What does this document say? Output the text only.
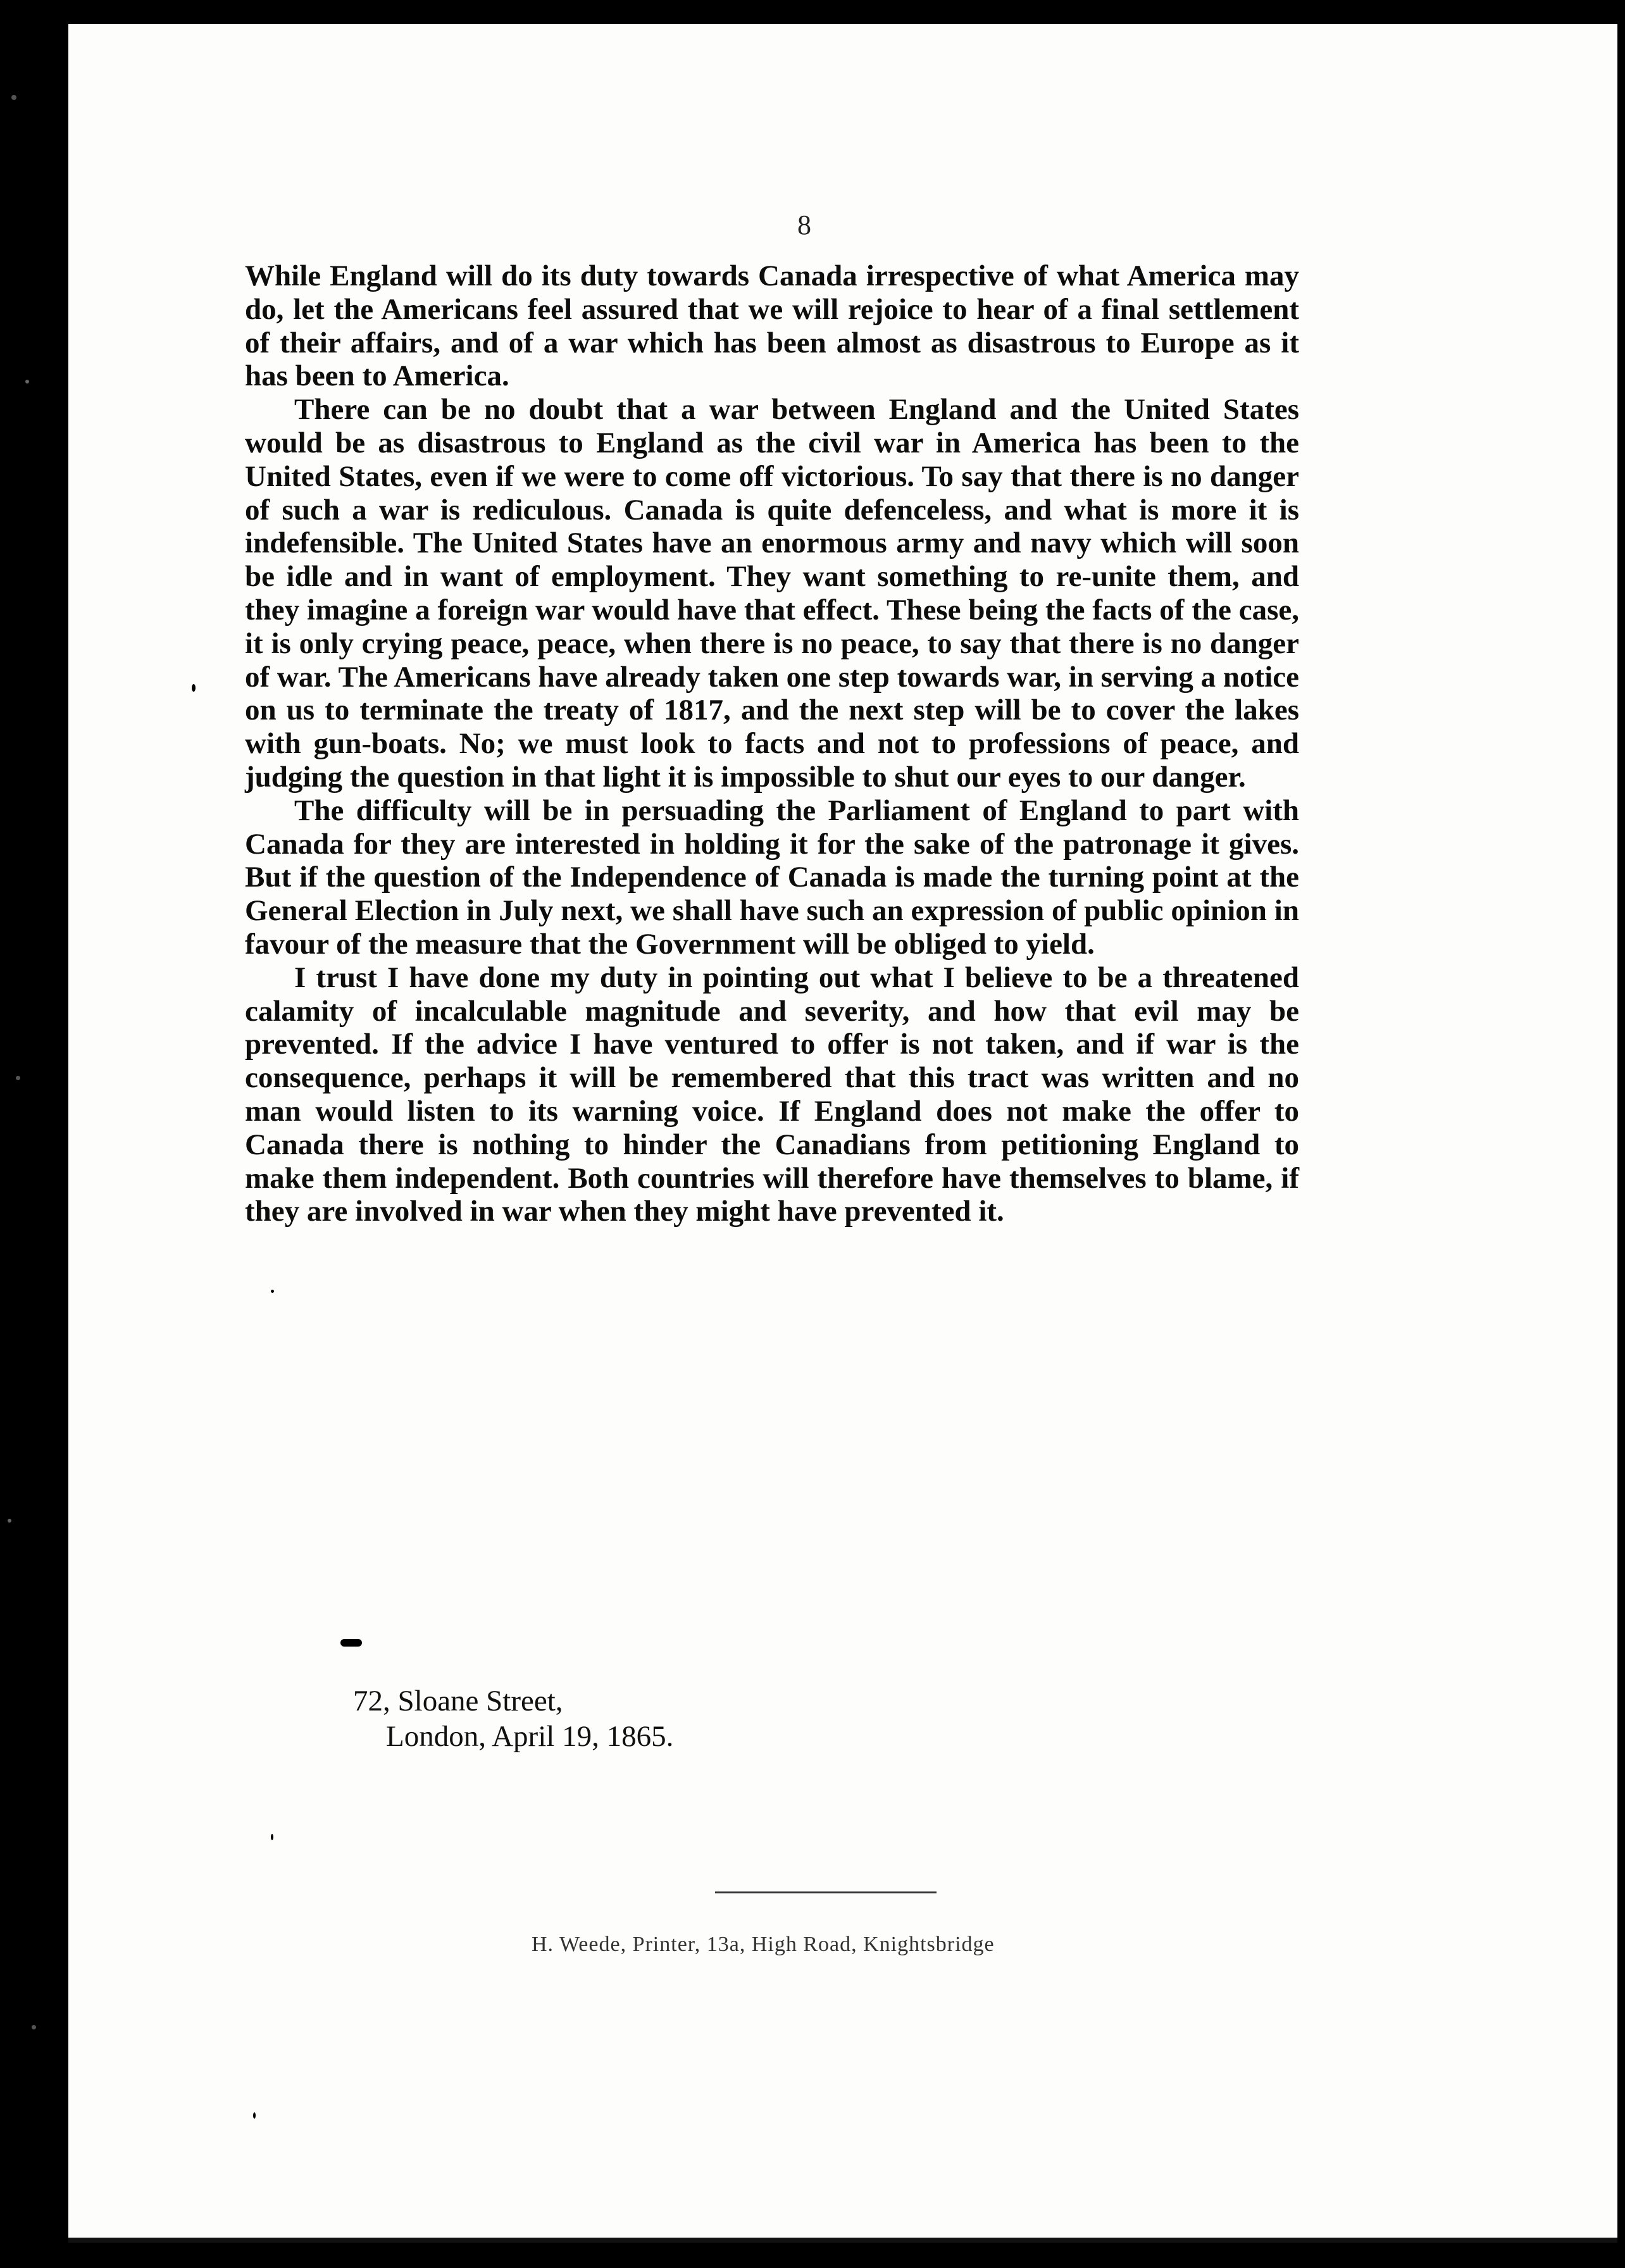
8

While England will do its duty towards Canada irrespective of what America may do, let the Americans feel assured that we will rejoice to hear of a final settlement of their affairs, and of a war which has been almost as disastrous to Europe as it has been to America.

There can be no doubt that a war between England and the United States would be as disastrous to England as the civil war in America has been to the United States, even if we were to come off victorious. To say that there is no danger of such a war is rediculous. Canada is quite defenceless, and what is more it is indefensible. The United States have an enormous army and navy which will soon be idle and in want of employment. They want something to re-unite them, and they imagine a foreign war would have that effect. These being the facts of the case, it is only crying peace, peace, when there is no peace, to say that there is no danger of war. The Americans have already taken one step towards war, in serving a notice on us to terminate the treaty of 1817, and the next step will be to cover the lakes with gun-boats. No; we must look to facts and not to professions of peace, and judging the question in that light it is impossible to shut our eyes to our danger.

The difficulty will be in persuading the Parliament of England to part with Canada for they are interested in holding it for the sake of the patronage it gives. But if the question of the Independence of Canada is made the turning point at the General Election in July next, we shall have such an expression of public opinion in favour of the measure that the Government will be obliged to yield.

I trust I have done my duty in pointing out what I believe to be a threatened calamity of incalculable magnitude and severity, and how that evil may be prevented. If the advice I have ventured to offer is not taken, and if war is the consequence, perhaps it will be remembered that this tract was written and no man would listen to its warning voice. If England does not make the offer to Canada there is nothing to hinder the Canadians from petitioning England to make them independent. Both countries will therefore have themselves to blame, if they are involved in war when they might have prevented it.

72, Sloane Street,
London, April 19, 1865.
H. Weede, Printer, 13a, High Road, Knightsbridge
